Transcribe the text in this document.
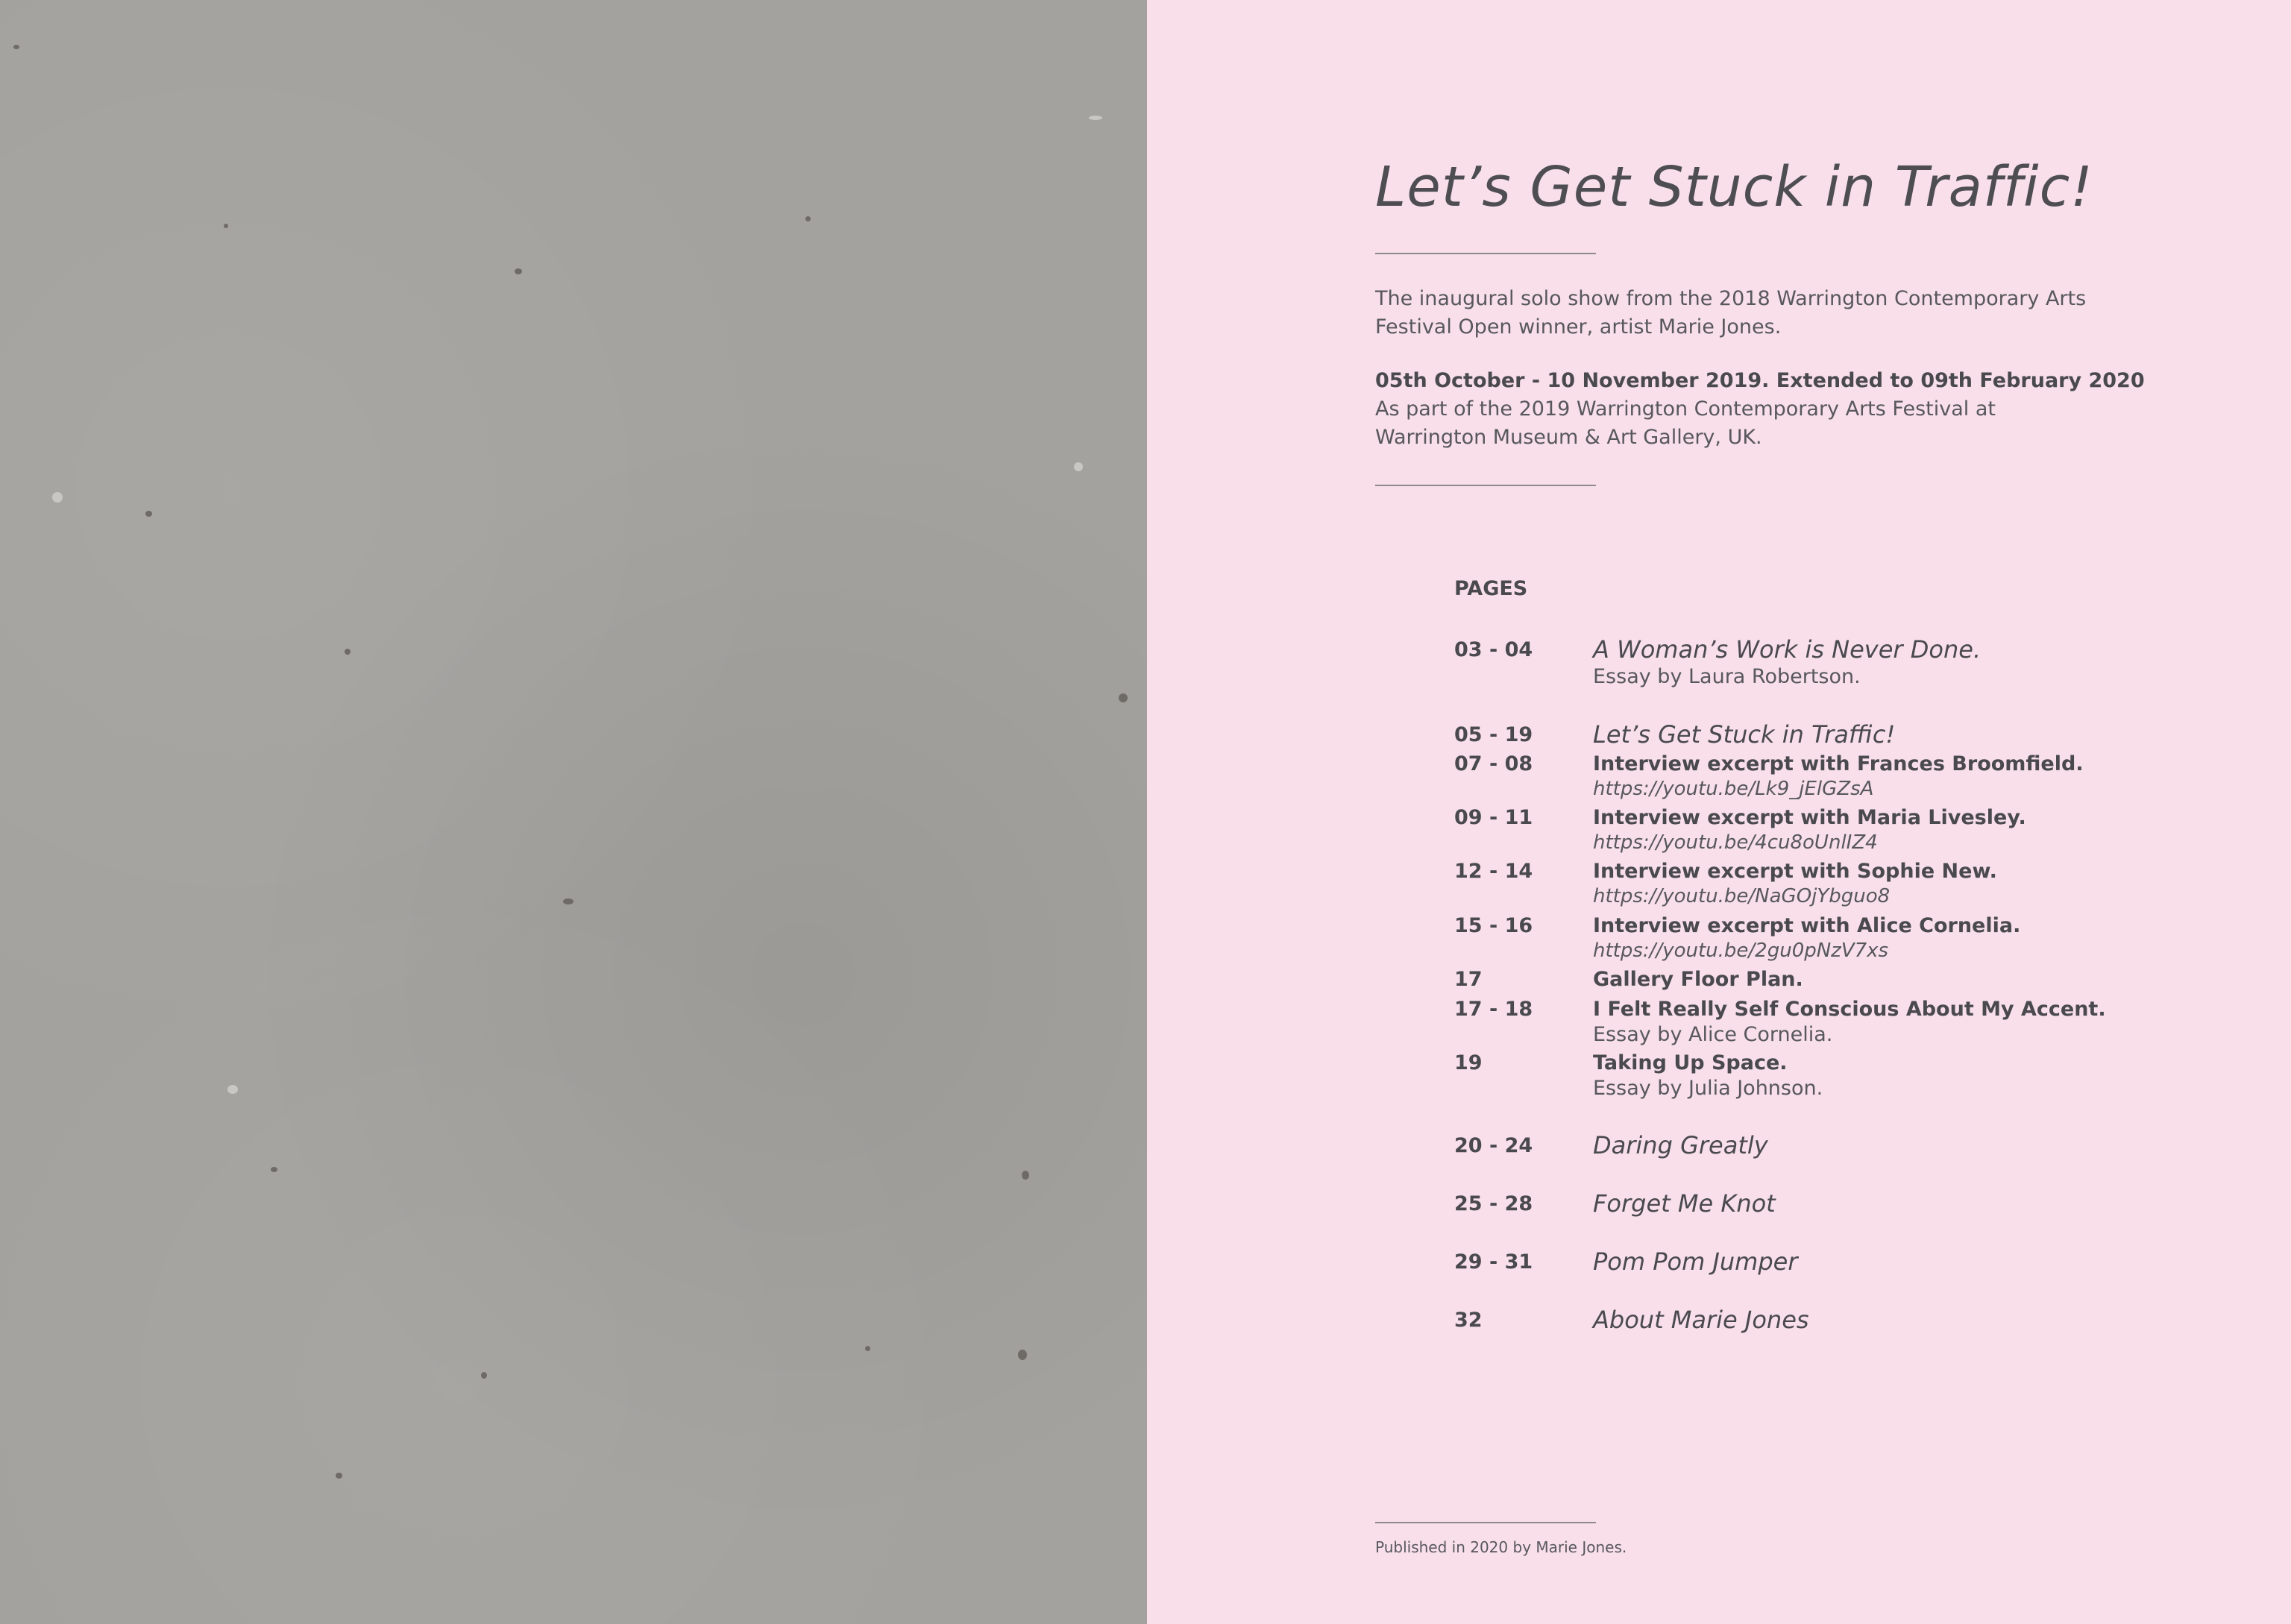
Let’s Get Stuck in Traffic!

The inaugural solo show from the 2018 Warrington Contemporary Arts Festival Open winner, artist Marie Jones.

05th October - 10 November 2019. Extended to 09th February 2020
As part of the 2019 Warrington Contemporary Arts Festival at Warrington Museum & Art Gallery, UK.

PAGES
03 - 04	A Woman’s Work is Never Done.
Essay by Laura Robertson.
05 - 19	Let’s Get Stuck in Traffic!
07 - 08	Interview excerpt with Frances Broomfield.
https://youtu.be/Lk9_jElGZsA
09 - 11	Interview excerpt with Maria Livesley.
https://youtu.be/4cu8oUnlIZ4
12 - 14	Interview excerpt with Sophie New.
https://youtu.be/NaGOjYbguo8
15 - 16	Interview excerpt with Alice Cornelia.
https://youtu.be/2gu0pNzV7xs
17	Gallery Floor Plan.
17 - 18	I Felt Really Self Conscious About My Accent.
Essay by Alice Cornelia.
19	Taking Up Space.
Essay by Julia Johnson.
20 - 24	Daring Greatly
25 - 28	Forget Me Knot
29 - 31	Pom Pom Jumper
32	About Marie Jones
Published in 2020 by Marie Jones.
